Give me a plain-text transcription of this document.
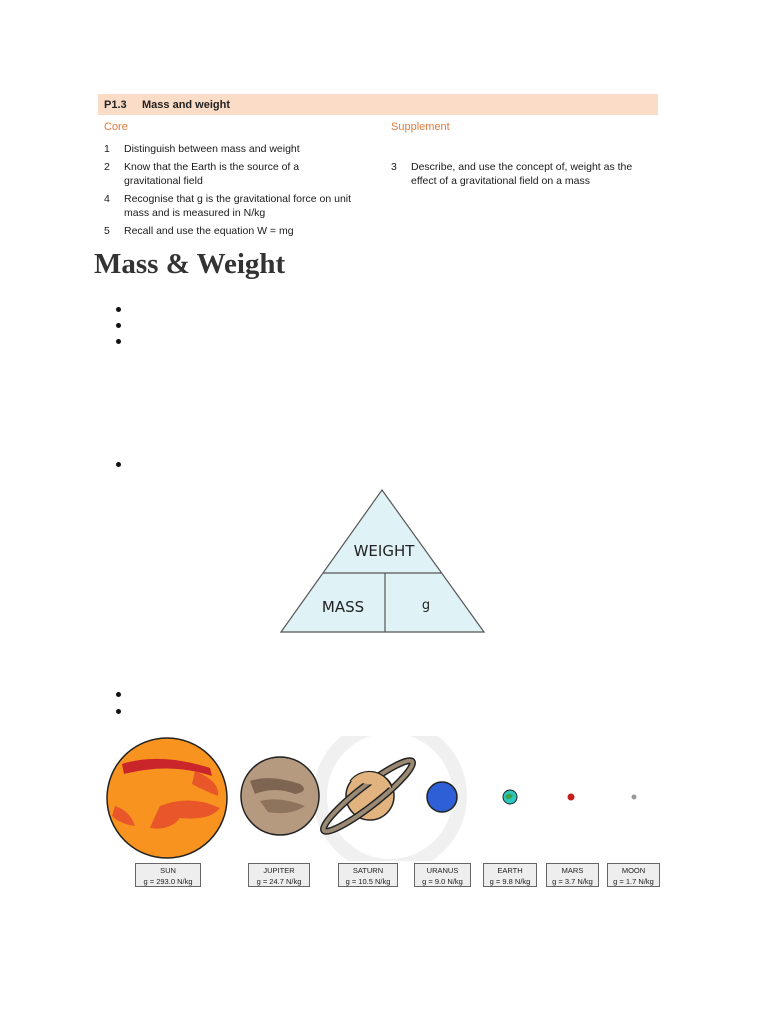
P1.3	Mass and weight
Core
1	Distinguish between mass and weight
2	Know that the Earth is the source of a gravitational field
4	Recognise that g is the gravitational force on unit mass and is measured in N/kg
5	Recall and use the equation W = mg
Supplement
3	Describe, and use the concept of, weight as the effect of a gravitational field on a mass
Mass & Weight
WEIGHT
MASS	g
SUN
g = 293.0 N/kg
JUPITER
g = 24.7 N/kg
SATURN
g = 10.5 N/kg
URANUS
g = 9.0 N/kg
EARTH
g = 9.8 N/kg
MARS
g = 3.7 N/kg
MOON
g = 1.7 N/kg
